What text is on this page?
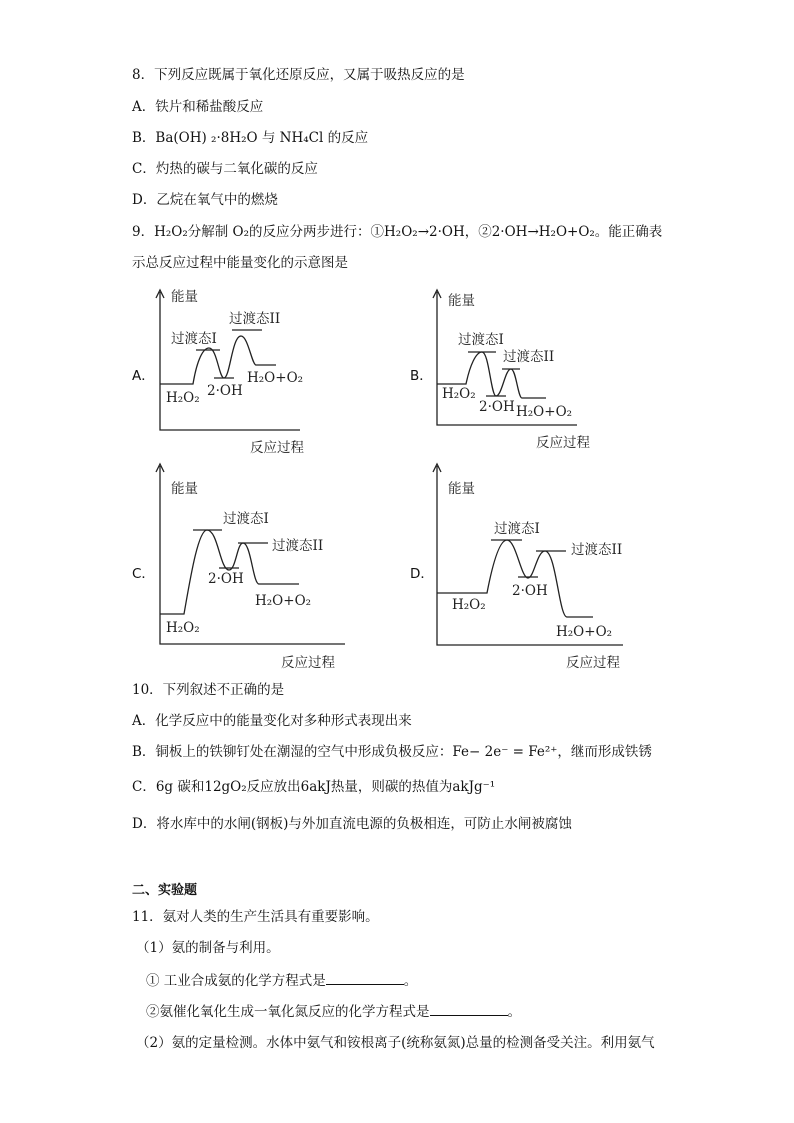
8．下列反应既属于氧化还原反应，又属于吸热反应的是
A．铁片和稀盐酸反应
B．Ba(OH) ₂·8H₂O 与 NH₄Cl 的反应
C．灼热的碳与二氧化碳的反应
D．乙烷在氧气中的燃烧
9．H₂O₂分解制 O₂的反应分两步进行：①H₂O₂→2·OH，②2·OH→H₂O+O₂。能正确表
示总反应过程中能量变化的示意图是
A．	B．
C．	D．
能量
过渡态I
过渡态II
2·OH
H₂O+O₂
H₂O₂
反应过程
能量
过渡态I
过渡态II
H₂O₂
2·OH H₂O+O₂
反应过程
能量
过渡态I
过渡态II
2·OH
H₂O+O₂
H₂O₂
反应过程
能量
过渡态I
过渡态II
H₂O₂
2·OH
H₂O+O₂
反应过程
10．下列叙述不正确的是
A．化学反应中的能量变化对多种形式表现出来
B．铜板上的铁铆钉处在潮湿的空气中形成负极反应：Fe− 2e⁻ = Fe²⁺，继而形成铁锈
C．6g 碳和12gO₂反应放出6akJ热量，则碳的热值为akJg⁻¹
D．将水库中的水闸(钢板)与外加直流电源的负极相连，可防止水闸被腐蚀
二、实验题
11．氨对人类的生产生活具有重要影响。
（1）氨的制备与利用。
① 工业合成氨的化学方程式是	。
②氨催化氧化生成一氧化氮反应的化学方程式是	。
（2）氨的定量检测。水体中氨气和铵根离子(统称氨氮)总量的检测备受关注。利用氨气
